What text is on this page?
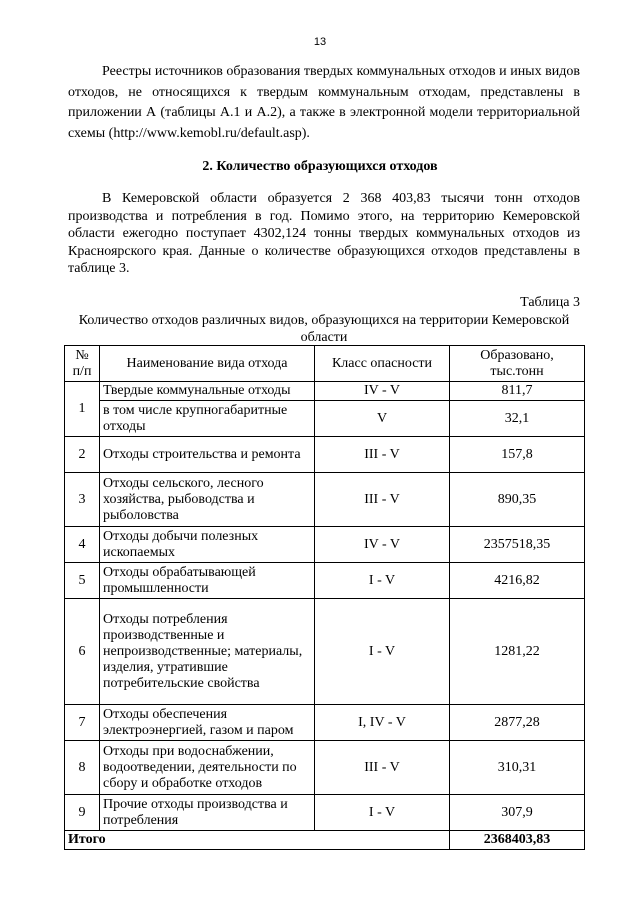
13

Реестры источников образования твердых коммунальных отходов и иных видов отходов, не относящихся к твердым коммунальным отходам, представлены в приложении А (таблицы А.1 и А.2), а также в электронной модели территориальной схемы (http://www.kemobl.ru/default.asp).

2. Количество образующихся отходов

В Кемеровской области образуется 2 368 403,83 тысячи тонн отходов производства и потребления в год. Помимо этого, на территорию Кемеровской области ежегодно поступает 4302,124 тонны твердых коммунальных отходов из Красноярского края. Данные о количестве образующихся отходов представлены в таблице 3.

Таблица 3
Количество отходов различных видов, образующихся на территории Кемеровской области
№ п/п	Наименование вида отхода	Класс опасности	Образовано, тыс.тонн
1	Твердые коммунальные отходы	IV - V	811,7
	в том числе крупногабаритные отходы	V	32,1
2	Отходы строительства и ремонта	III - V	157,8
3	Отходы сельского, лесного хозяйства, рыбоводства и рыболовства	III - V	890,35
4	Отходы добычи полезных ископаемых	IV - V	2357518,35
5	Отходы обрабатывающей промышленности	I - V	4216,82
6	Отходы потребления производственные и непроизводственные; материалы, изделия, утратившие потребительские свойства	I - V	1281,22
7	Отходы обеспечения электроэнергией, газом и паром	I, IV - V	2877,28
8	Отходы при водоснабжении, водоотведении, деятельности по сбору и обработке отходов	III - V	310,31
9	Прочие отходы производства и потребления	I - V	307,9
Итого			2368403,83
